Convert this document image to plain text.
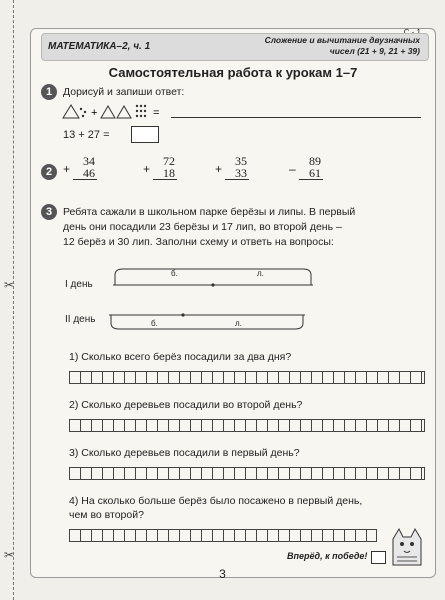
✂
✂
МАТЕМАТИКА–2, ч. 1
Сложение и вычитание двузначных
чисел (21 + 9, 21 + 39)
Самостоятельная работа к урокам 1–7
1	Дорисуй и запиши ответ:
+	=
13 + 27 =
2 +
34
46	+
72
18	+
35
33	–
89
61
3	Ребята сажали в школьном парке берёзы и липы. В первый
день они посадили 23 берёзы и 17 лип, во второй день –
12 берёз и 30 лип. Заполни схему и ответь на вопросы:
I день
б.	л.
II день	б.	л.
1) Сколько всего берёз посадили за два дня?
2) Сколько деревьев посадили во второй день?
3) Сколько деревьев посадили в первый день?
4) На сколько больше берёз было посажено в первый день,
чем во второй?
Вперёд, к победе!
3
